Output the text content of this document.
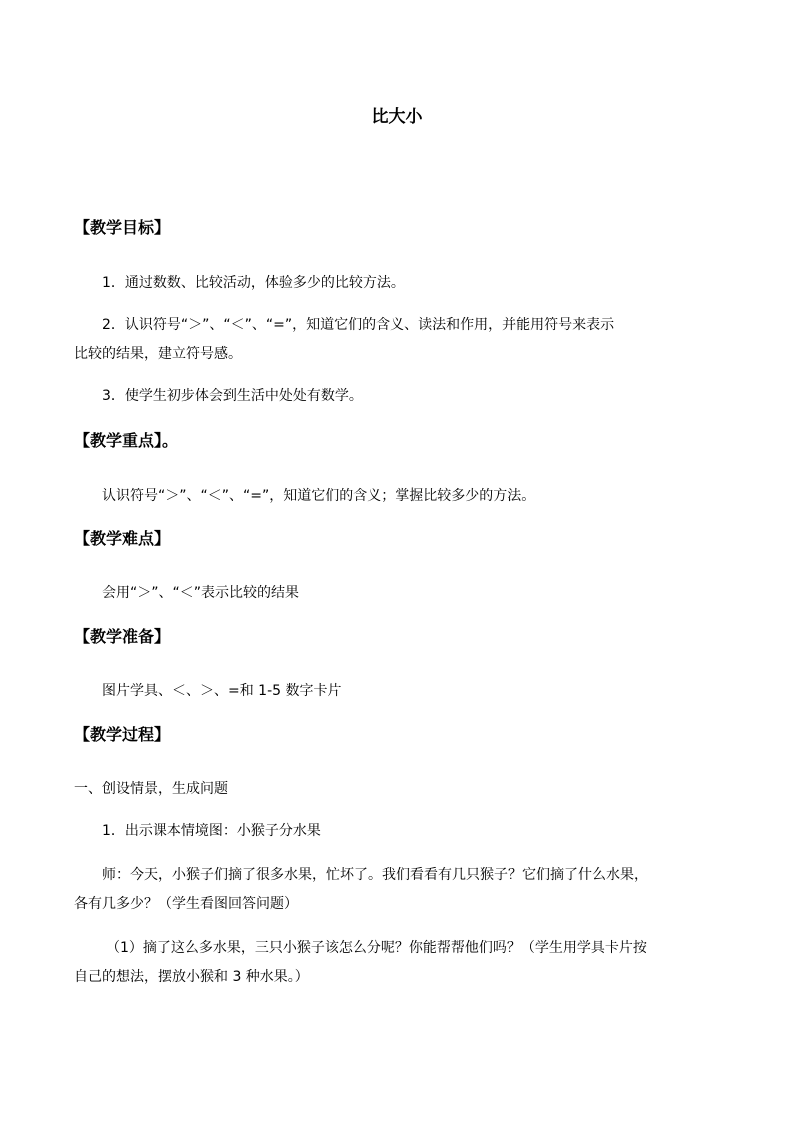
比大小
【教学目标】
1．通过数数、比较活动，体验多少的比较方法。
2．认识符号“＞”、“＜”、“=”，知道它们的含义、读法和作用，并能用符号来表示
比较的结果，建立符号感。
3．使学生初步体会到生活中处处有数学。
【教学重点】。
认识符号“＞”、“＜”、“=”，知道它们的含义；掌握比较多少的方法。
【教学难点】
会用“＞”、“＜”表示比较的结果
【教学准备】
图片学具、＜、＞、=和 1-5 数字卡片
【教学过程】
一、创设情景，生成问题
1．出示课本情境图：小猴子分水果
师：今天，小猴子们摘了很多水果，忙坏了。我们看看有几只猴子？它们摘了什么水果，
各有几多少？（学生看图回答问题）
（1）摘了这么多水果，三只小猴子该怎么分呢？你能帮帮他们吗？（学生用学具卡片按
自己的想法，摆放小猴和 3 种水果。）
